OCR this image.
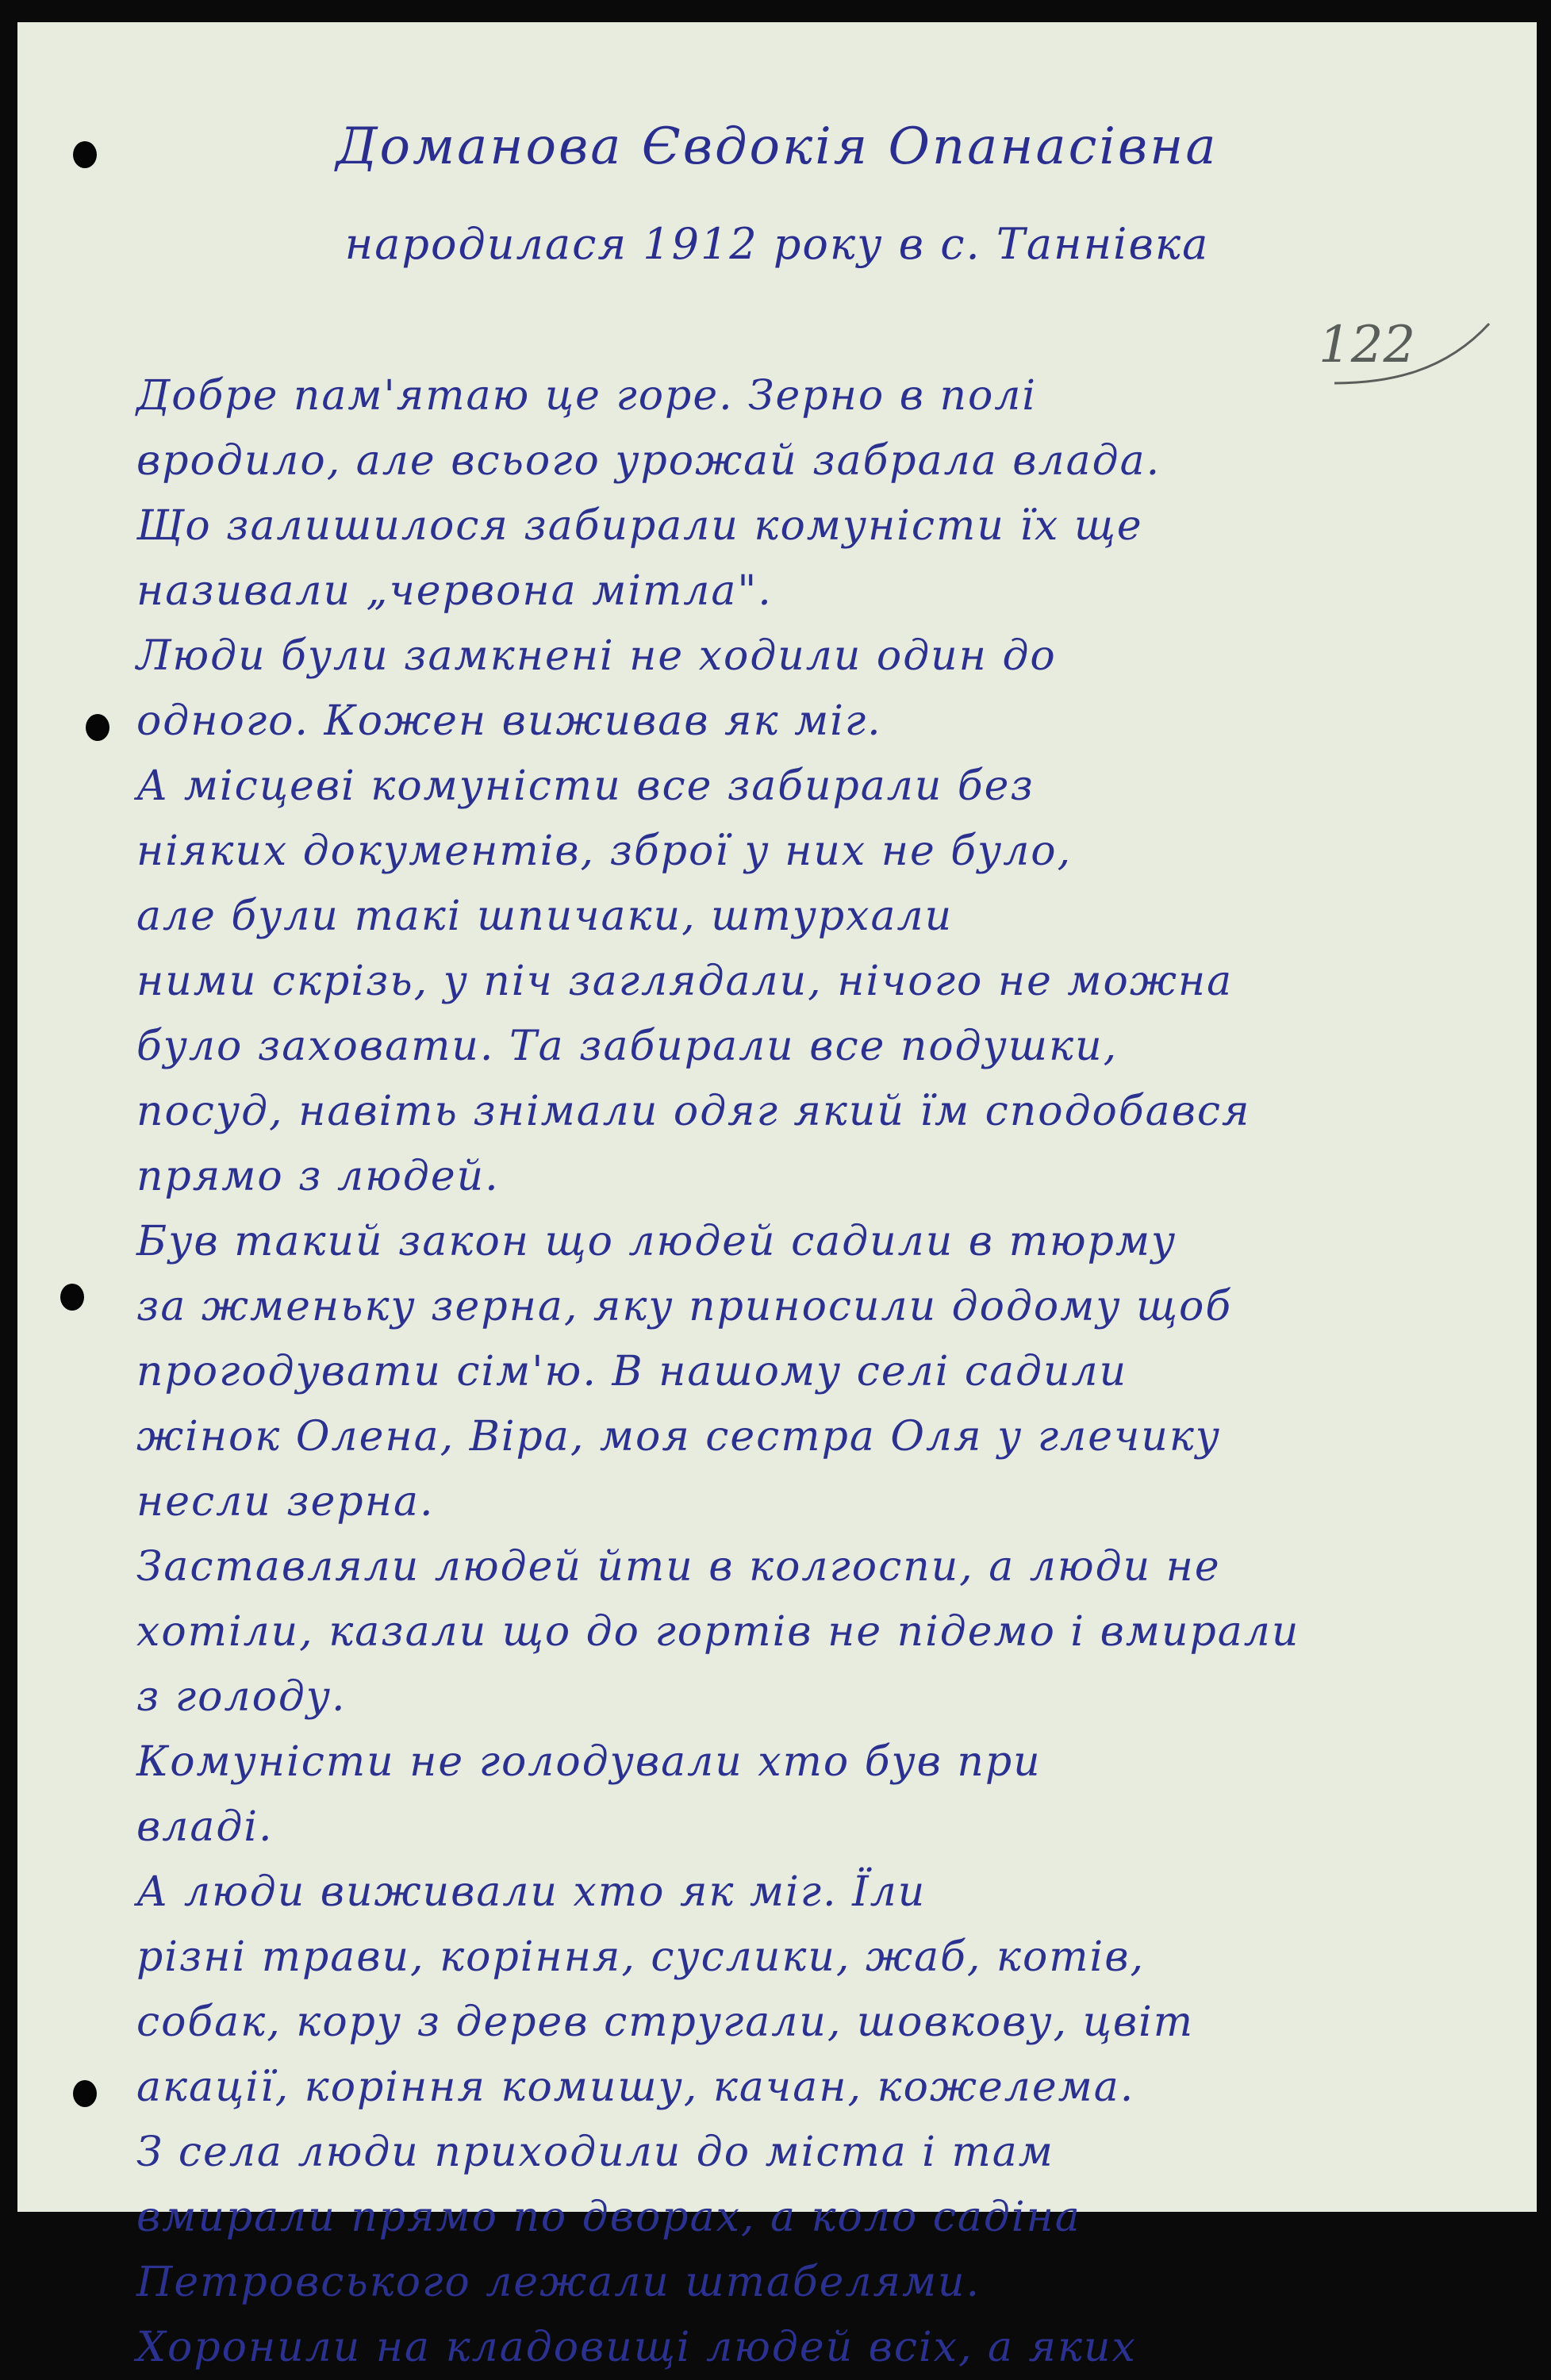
Доманова Євдокія Опанасівна
народилася 1912 року в с. Таннівка
122
Добре пам'ятаю це горе. Зерно в полі
вродило, але всього урожай забрала влада.
Що залишилося забирали комуністи їх ще
називали „червона мітла".
Люди були замкнені не ходили один до
одного. Кожен виживав як міг.
А місцеві комуністи все забирали без
ніяких документів, зброї у них не було,
але були такі шпичаки, штурхали
ними скрізь, у піч заглядали, нічого не можна
було заховати. Та забирали все подушки,
посуд, навіть знімали одяг який їм сподобався
прямо з людей.
Був такий закон що людей садили в тюрму
за жменьку зерна, яку приносили додому щоб
прогодувати сім'ю. В нашому селі садили
жінок Олена, Віра, моя сестра Оля у глечику
несли зерна.
Заставляли людей йти в колгоспи, а люди не
хотіли, казали що до гортів не підемо і вмирали
з голоду.
Комуністи не голодували хто був при
владі.
А люди виживали хто як міг. Їли
різні трави, коріння, суслики, жаб, котів,
собак, кору з дерев стругали, шовкову, цвіт
акації, коріння комишу, качан, кожелема.
З села люди приходили до міста і там
вмирали прямо по дворах, а коло садіна
Петровського лежали штабелями.
Хоронили на кладовищі людей всіх, а яких
